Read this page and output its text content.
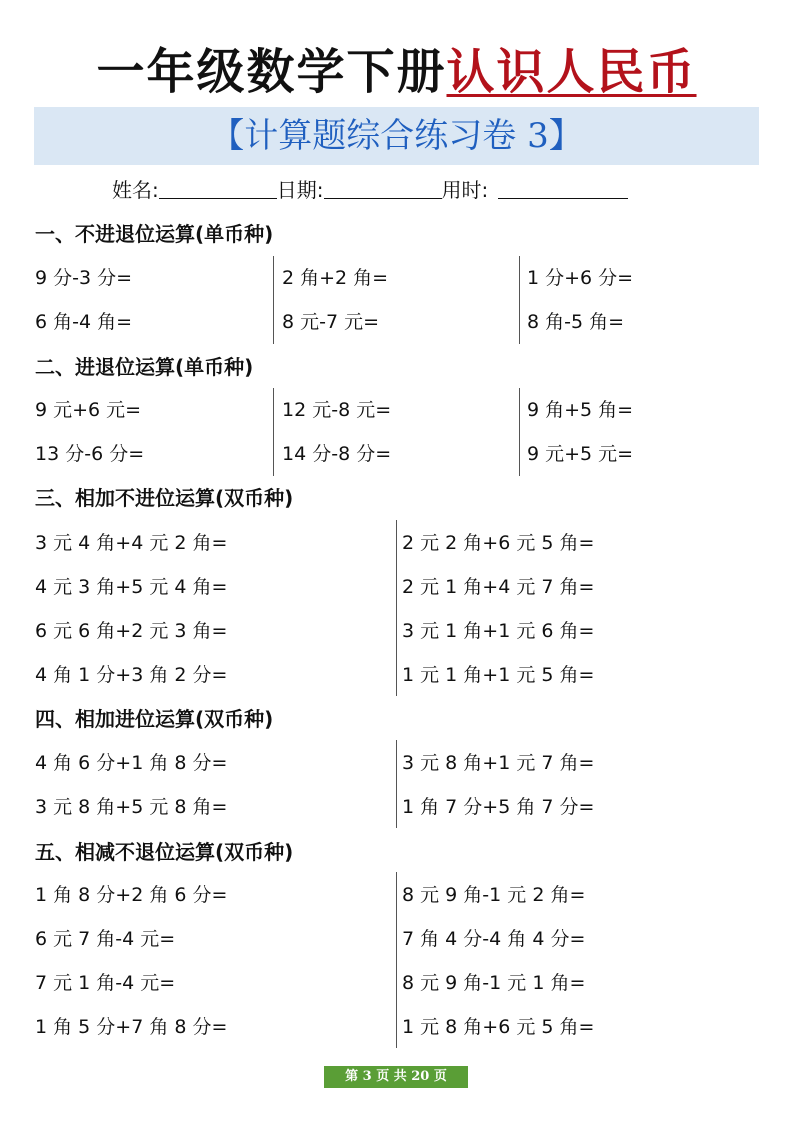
一年级数学下册认识人民币
【计算题综合练习卷 3】
姓名:	日期:	用时:
一、不进退位运算(单币种)
9 分-3 分=	2 角+2 角=	1 分+6 分=
6 角-4 角=	8 元-7 元=	8 角-5 角=
二、进退位运算(单币种)
9 元+6 元=	12 元-8 元=	9 角+5 角=
13 分-6 分=	14 分-8 分=	9 元+5 元=
三、相加不进位运算(双币种)
3 元 4 角+4 元 2 角=	2 元 2 角+6 元 5 角=
4 元 3 角+5 元 4 角=	2 元 1 角+4 元 7 角=
6 元 6 角+2 元 3 角=	3 元 1 角+1 元 6 角=
4 角 1 分+3 角 2 分=	1 元 1 角+1 元 5 角=
四、相加进位运算(双币种)
4 角 6 分+1 角 8 分=	3 元 8 角+1 元 7 角=
3 元 8 角+5 元 8 角=	1 角 7 分+5 角 7 分=
五、相减不退位运算(双币种)
1 角 8 分+2 角 6 分=	8 元 9 角-1 元 2 角=
6 元 7 角-4 元=	7 角 4 分-4 角 4 分=
7 元 1 角-4 元=	8 元 9 角-1 元 1 角=
1 角 5 分+7 角 8 分=	1 元 8 角+6 元 5 角=
第 3 页 共 20 页
